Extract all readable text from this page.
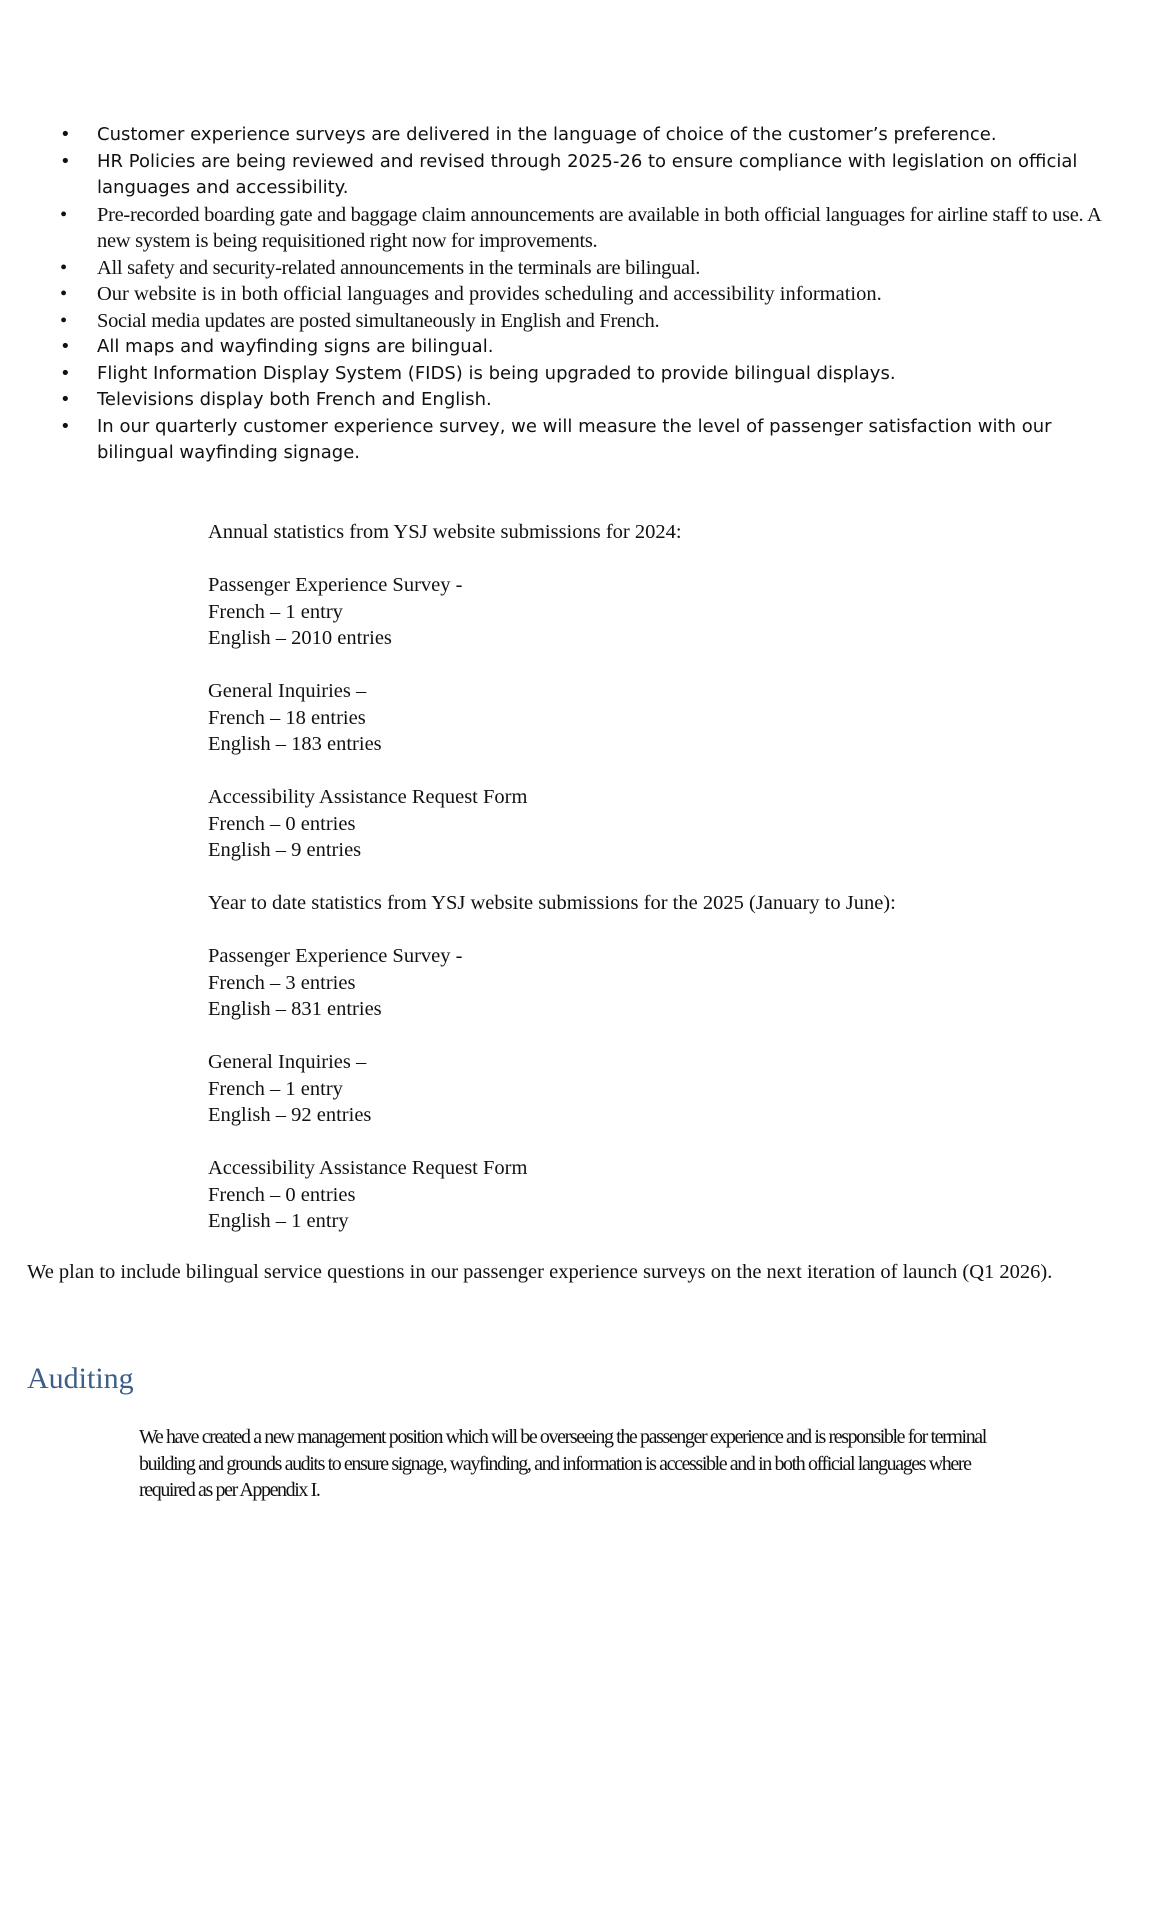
• Customer experience surveys are delivered in the language of choice of the customer’s preference.
• HR Policies are being reviewed and revised through 2025-26 to ensure compliance with legislation on official languages and accessibility.
• Pre-recorded boarding gate and baggage claim announcements are available in both official languages for airline staff to use. A new system is being requisitioned right now for improvements.
• All safety and security-related announcements in the terminals are bilingual.
• Our website is in both official languages and provides scheduling and accessibility information.
• Social media updates are posted simultaneously in English and French.
• All maps and wayfinding signs are bilingual.
• Flight Information Display System (FIDS) is being upgraded to provide bilingual displays.
• Televisions display both French and English.
• In our quarterly customer experience survey, we will measure the level of passenger satisfaction with our bilingual wayfinding signage.
Annual statistics from YSJ website submissions for 2024:
Passenger Experience Survey -
French – 1 entry
English – 2010 entries
General Inquiries –
French – 18 entries
English – 183 entries
Accessibility Assistance Request Form
French – 0 entries
English – 9 entries
Year to date statistics from YSJ website submissions for the 2025 (January to June):
Passenger Experience Survey -
French – 3 entries
English – 831 entries
General Inquiries –
French – 1 entry
English – 92 entries
Accessibility Assistance Request Form
French – 0 entries
English – 1 entry

We plan to include bilingual service questions in our passenger experience surveys on the next iteration of launch (Q1 2026).

Auditing

We have created a new management position which will be overseeing the passenger experience and is responsible for terminal building and grounds audits to ensure signage, wayfinding, and information is accessible and in both official languages where required as per Appendix I.
